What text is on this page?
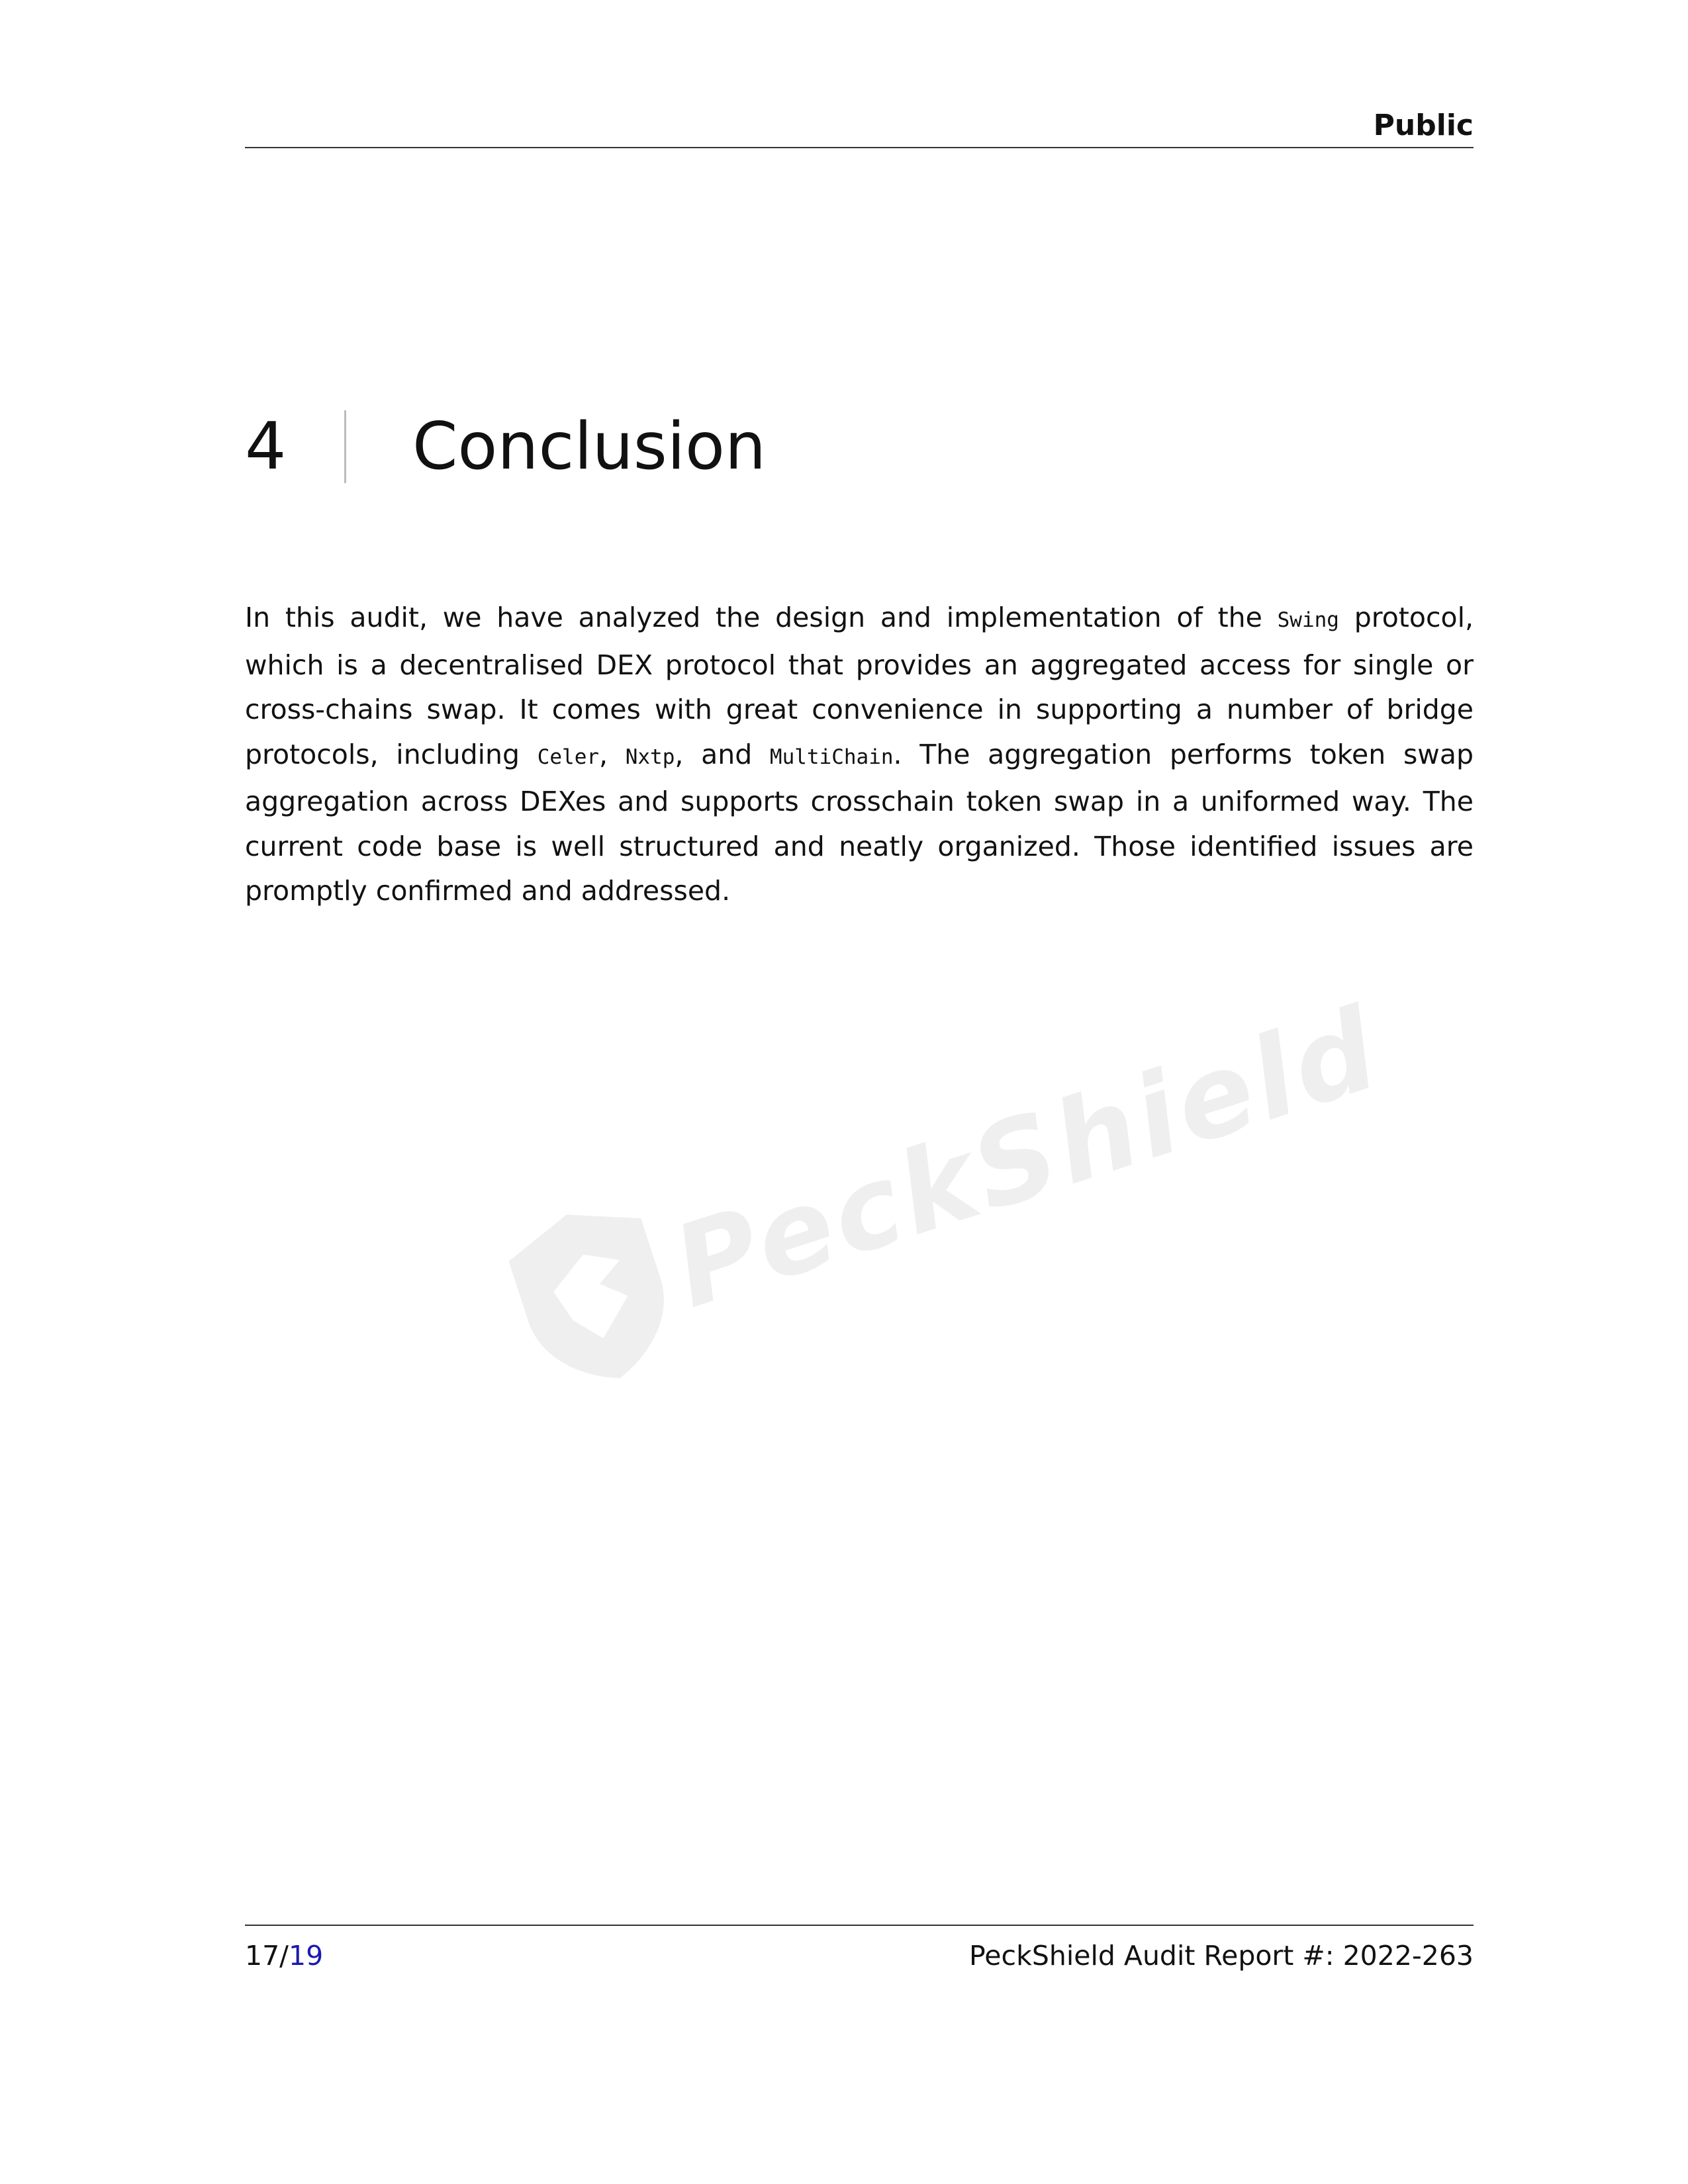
Public
4	Conclusion
PeckShield

In this audit, we have analyzed the design and implementation of the Swing protocol, which is a decentralised DEX protocol that provides an aggregated access for single or cross-chains swap. It comes with great convenience in supporting a number of bridge protocols, including Celer, Nxtp, and MultiChain. The aggregation performs token swap aggregation across DEXes and supports crosschain token swap in a uniformed way. The current code base is well structured and neatly organized. Those identified issues are promptly confirmed and addressed.

17/19	PeckShield Audit Report #: 2022-263
